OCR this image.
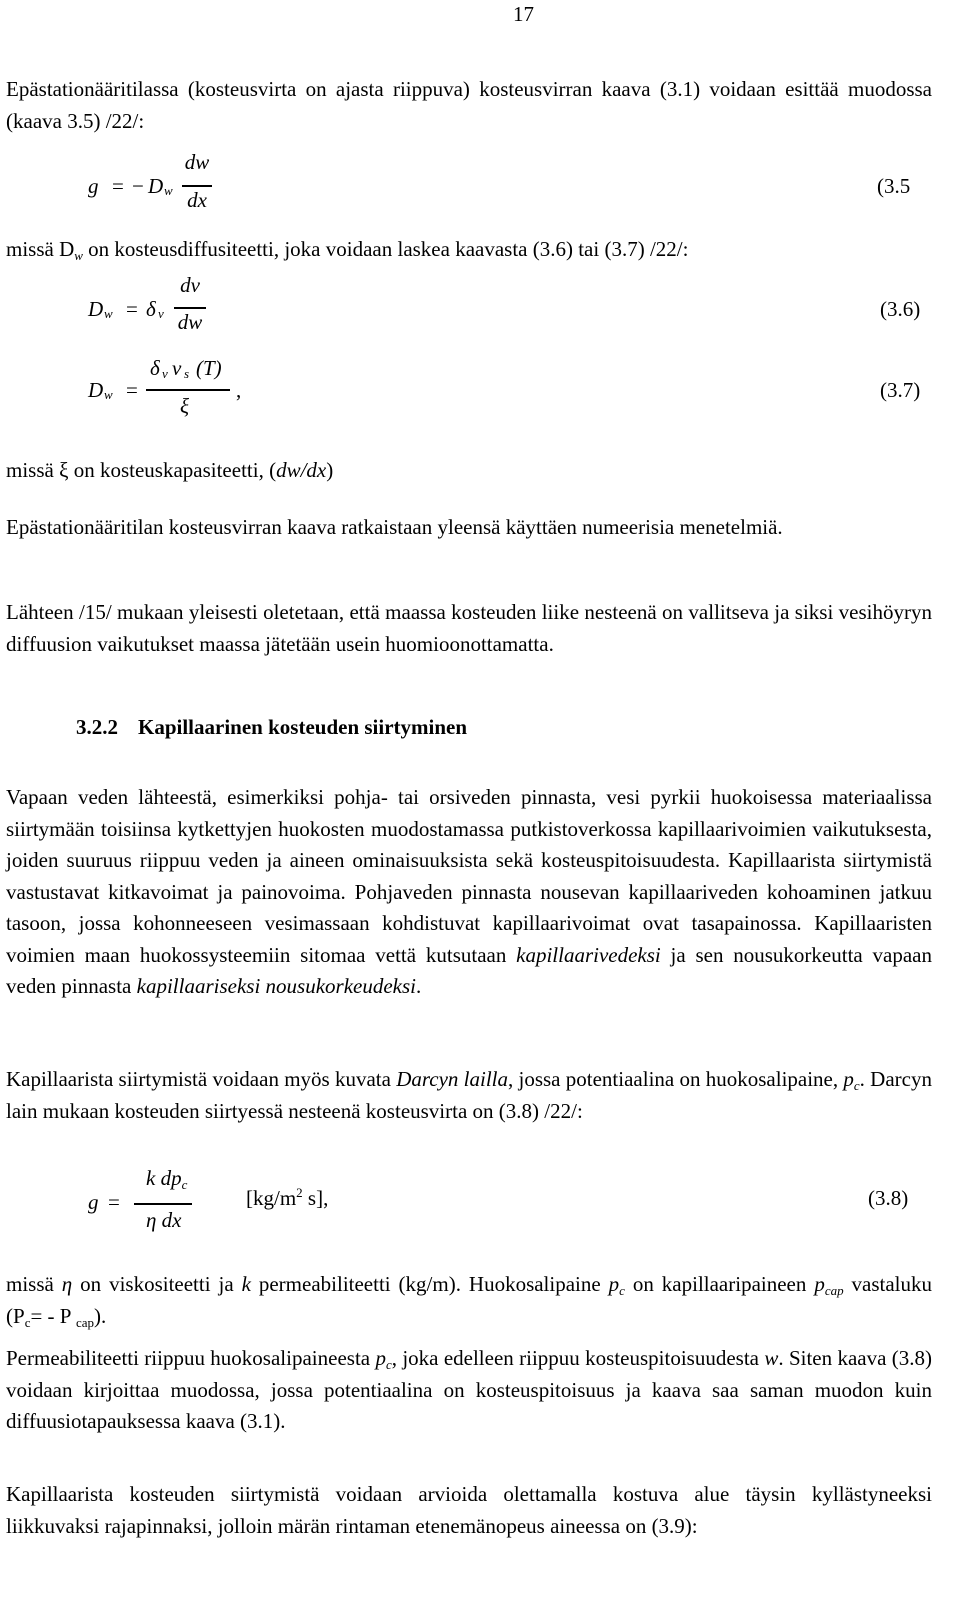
17
Epästationääritilassa (kosteusvirta on ajasta riippuva) kosteusvirran kaava (3.1) voidaan esittää muodossa (kaava 3.5) /22/:
g = − D w
dw
dx
(3.5
missä $D_w$ on kosteusdiffusiteetti, joka voidaan laskea kaavasta (3.6) tai (3.7) /22/:
D w = δ v
dv
dw
(3.6)
D w =
δ v v s (T)
ξ
,	(3.7)
missä ξ on kosteuskapasiteetti, (dw/dx)
Epästationääritilan kosteusvirran kaava ratkaistaan yleensä käyttäen numeerisia menetelmiä.
Lähteen /15/ mukaan yleisesti oletetaan, että maassa kosteuden liike nesteenä on vallitseva ja siksi vesihöyryn diffuusion vaikutukset maassa jätetään usein huomioonottamatta.
3.2.2 Kapillaarinen kosteuden siirtyminen
Vapaan veden lähteestä, esimerkiksi pohja- tai orsiveden pinnasta, vesi pyrkii huokoisessa materiaalissa siirtymään toisiinsa kytkettyjen huokosten muodostamassa putkistoverkossa kapillaarivoimien vaikutuksesta, joiden suuruus riippuu veden ja aineen ominaisuuksista sekä kosteuspitoisuudesta. Kapillaarista siirtymistä vastustavat kitkavoimat ja painovoima. Pohjaveden pinnasta nousevan kapillaariveden kohoaminen jatkuu tasoon, jossa kohonneeseen vesimassaan kohdistuvat kapillaarivoimat ovat tasapainossa. Kapillaaristen voimien maan huokossysteemiin sitomaa vettä kutsutaan kapillaarivedeksi ja sen nousukorkeutta vapaan veden pinnasta kapillaariseksi nousukorkeudeksi.
Kapillaarista siirtymistä voidaan myös kuvata Darcyn lailla, jossa potentiaalina on huokosalipaine, $p_c$. Darcyn lain mukaan kosteuden siirtyessä nesteenä kosteusvirta on (3.8) /22/:
g =
k $dp_c$
η dx
[$kg/m^2$ s],	(3.8)
missä η on viskositeetti ja k permeabiliteetti (kg/m). Huokosalipaine $p_c$ on kapillaaripaineen $p_{cap}$ vastaluku ($P_c= - P$ $_{cap}$).
Permeabiliteetti riippuu huokosalipaineesta $p_c$, joka edelleen riippuu kosteuspitoisuudesta w. Siten kaava (3.8) voidaan kirjoittaa muodossa, jossa potentiaalina on kosteuspitoisuus ja kaava saa saman muodon kuin diffuusiotapauksessa kaava (3.1).
Kapillaarista kosteuden siirtymistä voidaan arvioida olettamalla kostuva alue täysin kyllästyneeksi liikkuvaksi rajapinnaksi, jolloin märän rintaman etenemänopeus aineessa on (3.9):
